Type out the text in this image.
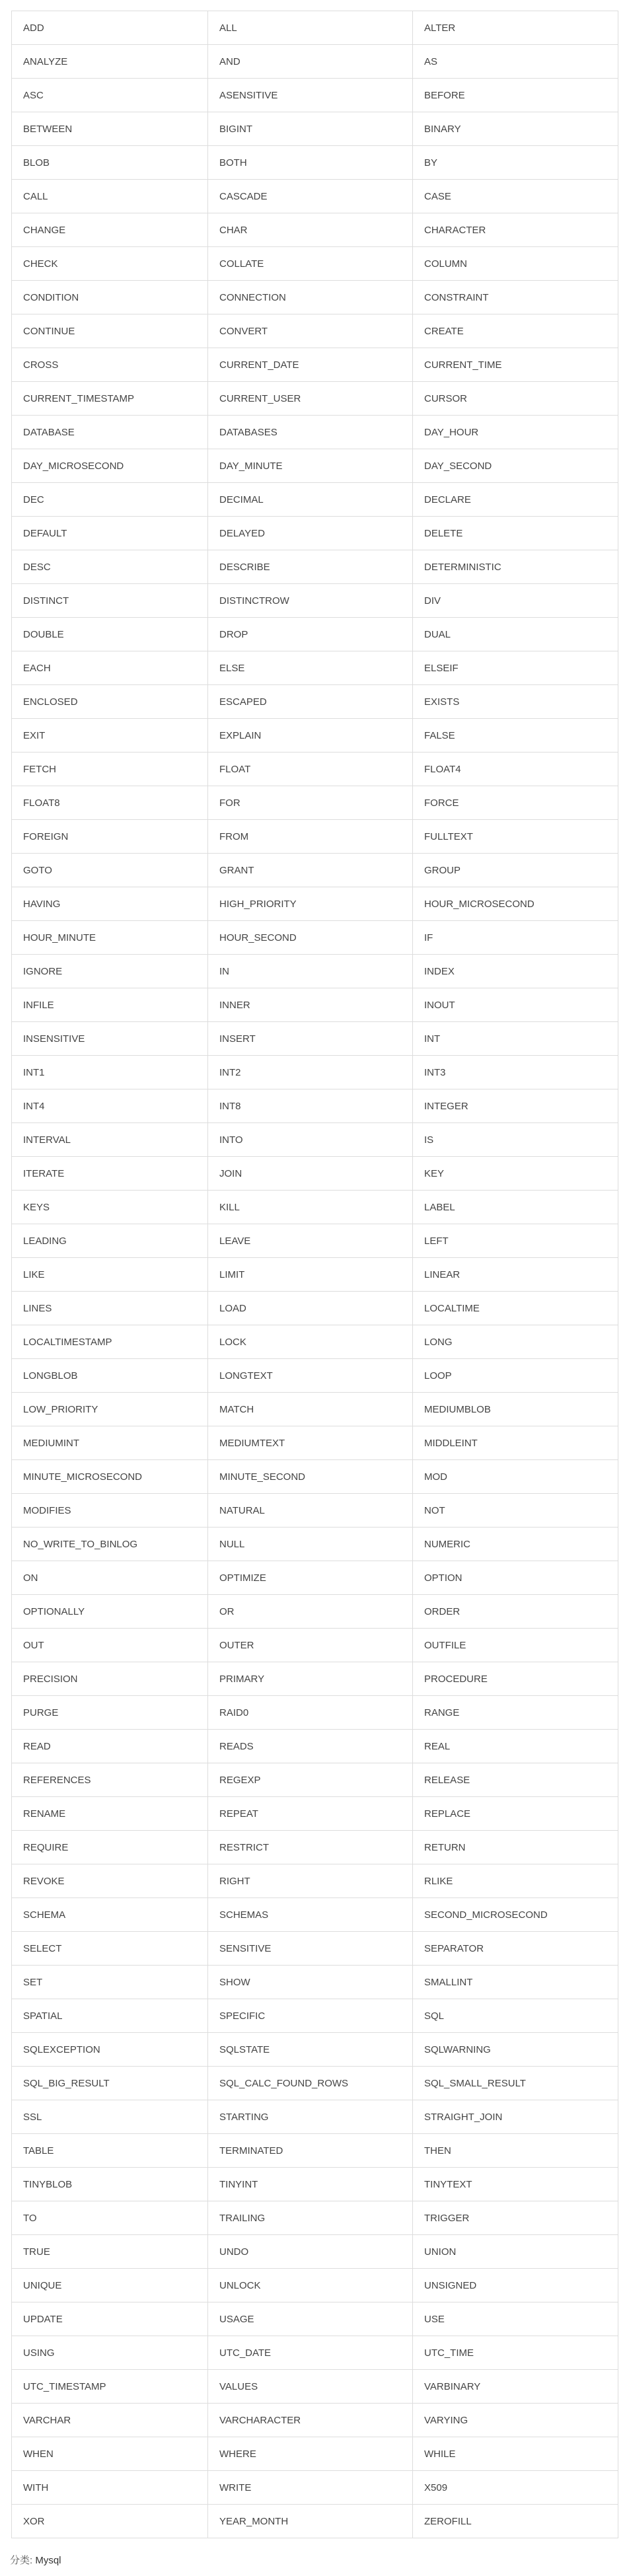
ADD	ALL	ALTER
ANALYZE	AND	AS
ASC	ASENSITIVE	BEFORE
BETWEEN	BIGINT	BINARY
BLOB	BOTH	BY
CALL	CASCADE	CASE
CHANGE	CHAR	CHARACTER
CHECK	COLLATE	COLUMN
CONDITION	CONNECTION	CONSTRAINT
CONTINUE	CONVERT	CREATE
CROSS	CURRENT_DATE	CURRENT_TIME
CURRENT_TIMESTAMP	CURRENT_USER	CURSOR
DATABASE	DATABASES	DAY_HOUR
DAY_MICROSECOND	DAY_MINUTE	DAY_SECOND
DEC	DECIMAL	DECLARE
DEFAULT	DELAYED	DELETE
DESC	DESCRIBE	DETERMINISTIC
DISTINCT	DISTINCTROW	DIV
DOUBLE	DROP	DUAL
EACH	ELSE	ELSEIF
ENCLOSED	ESCAPED	EXISTS
EXIT	EXPLAIN	FALSE
FETCH	FLOAT	FLOAT4
FLOAT8	FOR	FORCE
FOREIGN	FROM	FULLTEXT
GOTO	GRANT	GROUP
HAVING	HIGH_PRIORITY	HOUR_MICROSECOND
HOUR_MINUTE	HOUR_SECOND	IF
IGNORE	IN	INDEX
INFILE	INNER	INOUT
INSENSITIVE	INSERT	INT
INT1	INT2	INT3
INT4	INT8	INTEGER
INTERVAL	INTO	IS
ITERATE	JOIN	KEY
KEYS	KILL	LABEL
LEADING	LEAVE	LEFT
LIKE	LIMIT	LINEAR
LINES	LOAD	LOCALTIME
LOCALTIMESTAMP	LOCK	LONG
LONGBLOB	LONGTEXT	LOOP
LOW_PRIORITY	MATCH	MEDIUMBLOB
MEDIUMINT	MEDIUMTEXT	MIDDLEINT
MINUTE_MICROSECOND	MINUTE_SECOND	MOD
MODIFIES	NATURAL	NOT
NO_WRITE_TO_BINLOG	NULL	NUMERIC
ON	OPTIMIZE	OPTION
OPTIONALLY	OR	ORDER
OUT	OUTER	OUTFILE
PRECISION	PRIMARY	PROCEDURE
PURGE	RAID0	RANGE
READ	READS	REAL
REFERENCES	REGEXP	RELEASE
RENAME	REPEAT	REPLACE
REQUIRE	RESTRICT	RETURN
REVOKE	RIGHT	RLIKE
SCHEMA	SCHEMAS	SECOND_MICROSECOND
SELECT	SENSITIVE	SEPARATOR
SET	SHOW	SMALLINT
SPATIAL	SPECIFIC	SQL
SQLEXCEPTION	SQLSTATE	SQLWARNING
SQL_BIG_RESULT	SQL_CALC_FOUND_ROWS	SQL_SMALL_RESULT
SSL	STARTING	STRAIGHT_JOIN
TABLE	TERMINATED	THEN
TINYBLOB	TINYINT	TINYTEXT
TO	TRAILING	TRIGGER
TRUE	UNDO	UNION
UNIQUE	UNLOCK	UNSIGNED
UPDATE	USAGE	USE
USING	UTC_DATE	UTC_TIME
UTC_TIMESTAMP	VALUES	VARBINARY
VARCHAR	VARCHARACTER	VARYING
WHEN	WHERE	WHILE
WITH	WRITE	X509
XOR	YEAR_MONTH	ZEROFILL
分类: Mysql
